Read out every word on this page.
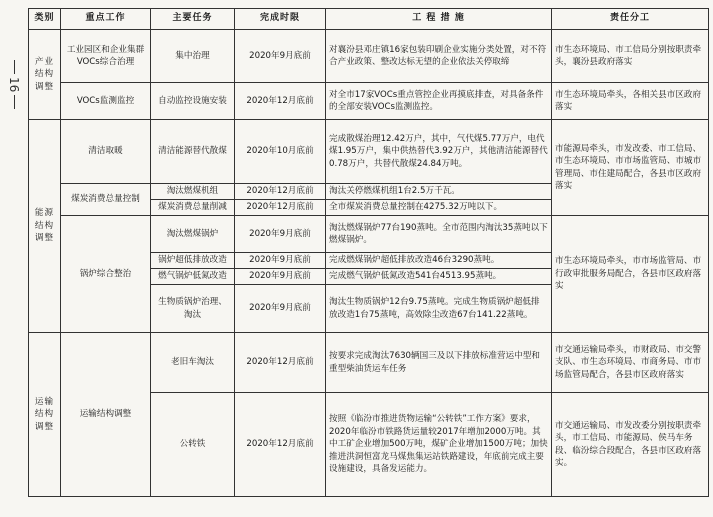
16
类别	重点工作	主要任务	完成时限	工 程 措 施	责任分工
产业结构调整	工业园区和企业集群VOCs综合治理	集中治理	2020年9月底前	对襄汾县邓庄镇16家包装印刷企业实施分类处置，对不符合产业政策、整改达标无望的企业依法关停取缔	市生态环境局、市工信局分别按职责牵头，襄汾县政府落实
	VOCs监测监控	自动监控设施安装	2020年12月底前	对全市17家VOCs重点管控企业再摸底排查，对具备条件的全部安装VOCs监测监控。	市生态环境局牵头，各相关县市区政府落实
能源结构调整	清洁取暖	清洁能源替代散煤	2020年10月底前	完成散煤治理12.42万户，其中，气代煤5.77万户，电代煤1.95万户，集中供热替代3.92万户，其他清洁能源替代0.78万户，共替代散煤24.84万吨。	市能源局牵头，市发改委、市工信局、市生态环境局、市市场监管局、市城市管理局、市住建局配合，各县市区政府落实
	煤炭消费总量控制	淘汰燃煤机组	2020年12月底前	淘汰关停燃煤机组1台2.5万千瓦。	
		煤炭消费总量削减	2020年12月底前	全市煤炭消费总量控制在4275.32万吨以下。	
	锅炉综合整治	淘汰燃煤锅炉	2020年9月底前	淘汰燃煤锅炉77台190蒸吨。全市范围内淘汰35蒸吨以下燃煤锅炉。	市生态环境局牵头，市市场监管局、市行政审批服务局配合，各县市区政府落实
		锅炉超低排放改造	2020年9月底前	完成燃煤锅炉超低排放改造46台3290蒸吨。	
		燃气锅炉低氮改造	2020年9月底前	完成燃气锅炉低氮改造541台4513.95蒸吨。	
		生物质锅炉治理、淘汰	2020年9月底前	淘汰生物质锅炉12台9.75蒸吨。完成生物质锅炉超低排放改造1台75蒸吨，高效除尘改造67台141.22蒸吨。	

运输结构调整	运输结构调整	老旧车淘汰	2020年12月底前	按要求完成淘汰7630辆国三及以下排放标准营运中型和重型柴油货运车任务	市交通运输局牵头，市财政局、市交警支队、市生态环境局、市商务局、市市场监管局配合，各县市区政府落实
		公转铁	2020年12月底前	按照《临汾市推进货物运输“公转铁”工作方案》要求，2020年临汾市铁路货运量较2017年增加2000万吨。其中工矿企业增加500万吨，煤矿企业增加1500万吨；加快推进洪洞恒富龙马煤焦集运站铁路建设，年底前完成主要设施建设，具备发运能力。	市交通运输局、市发改委分别按职责牵头，市工信局、市能源局、侯马车务段、临汾综合段配合，各县市区政府落实。
